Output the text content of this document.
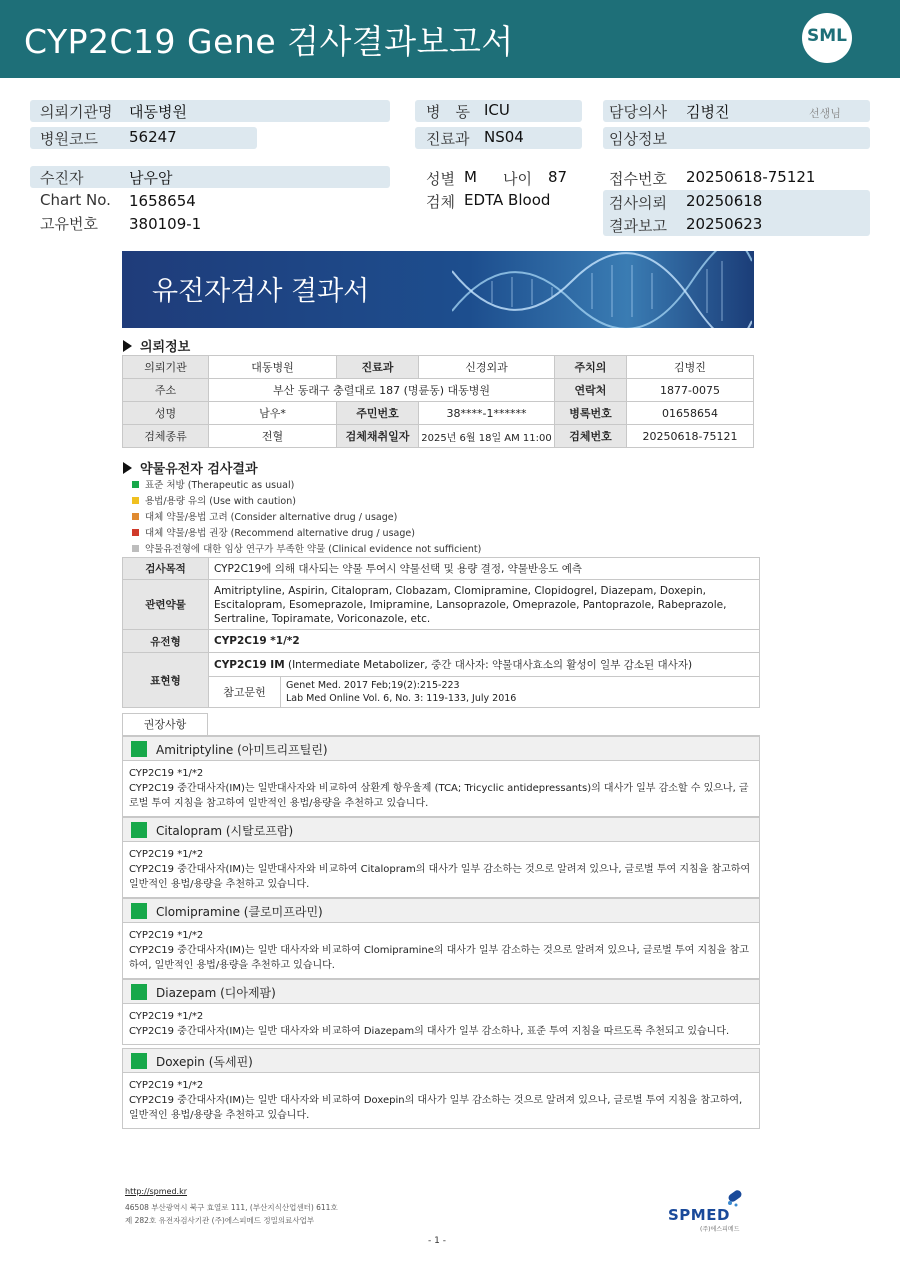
CYP2C19 Gene 검사결과보고서	SML
의뢰기관명 대동병원	병　동 ICU	담당의사 김병진	선생님
병원코드 56247	진료과 NS04	임상정보
수진자	남우암	성별 M 나이 87	접수번호 20250618-75121
Chart No. 1658654	검체 EDTA Blood	검사의뢰 20250618
고유번호 380109-1	결과보고 20250623
유전자검사 결과서
의뢰정보
의뢰기관	대동병원	진료과	신경외과	주치의	김병진
주소	부산 동래구 충렬대로 187 (명륜동) 대동병원			연락처	1877-0075
성명	남우*	주민번호	38****-1******	병록번호	01658654
검체종류	전혈	검체채취일자	2025년 6월 18일 AM 11:00	검체번호	20250618-75121
약물유전자 검사결과
표준 처방 (Therapeutic as usual)
용법/용량 유의 (Use with caution)
대체 약물/용법 고려 (Consider alternative drug / usage)
대체 약물/용법 권장 (Recommend alternative drug / usage)
약물유전형에 대한 임상 연구가 부족한 약물 (Clinical evidence not sufficient)
검사목적	CYP2C19에 의해 대사되는 약물 투여시 약물선택 및 용량 결정, 약물반응도 예측	
관련약물	Amitriptyline, Aspirin, Citalopram, Clobazam, Clomipramine, Clopidogrel, Diazepam, Doxepin, Escitalopram, Esomeprazole, Imipramine, Lansoprazole, Omeprazole, Pantoprazole, Rabeprazole, Sertraline, Topiramate, Voriconazole, etc.	
유전형	CYP2C19 *1/*2	
표현형	CYP2C19 IM (Intermediate Metabolizer, 중간 대사자: 약물대사효소의 활성이 일부 감소된 대사자)	
	참고문헌	Genet Med. 2017 Feb;19(2):215-223
Lab Med Online Vol. 6, No. 3: 119-133, July 2016
권장사항
Amitriptyline (아미트리프틸린)
CYP2C19 *1/*2
CYP2C19 중간대사자(IM)는 일반대사자와 비교하여 삼환계 항우울제 (TCA; Tricyclic antidepressants)의 대사가 일부 감소할 수 있으나, 글로벌 투여 지침을 참고하여 일반적인 용법/용량을 추천하고 있습니다.
Citalopram (시탈로프람)
CYP2C19 *1/*2
CYP2C19 중간대사자(IM)는 일반대사자와 비교하여 Citalopram의 대사가 일부 감소하는 것으로 알려져 있으나, 글로벌 투여 지침을 참고하여 일반적인 용법/용량을 추천하고 있습니다.
Clomipramine (클로미프라민)
CYP2C19 *1/*2
CYP2C19 중간대사자(IM)는 일반 대사자와 비교하여 Clomipramine의 대사가 일부 감소하는 것으로 알려져 있으나, 글로벌 투여 지침을 참고하여, 일반적인 용법/용량을 추천하고 있습니다.
Diazepam (디아제팜)
CYP2C19 *1/*2
CYP2C19 중간대사자(IM)는 일반 대사자와 비교하여 Diazepam의 대사가 일부 감소하나, 표준 투여 지침을 따르도록 추천되고 있습니다.
Doxepin (독세핀)
CYP2C19 *1/*2
CYP2C19 중간대사자(IM)는 일반 대사자와 비교하여 Doxepin의 대사가 일부 감소하는 것으로 알려져 있으나, 글로벌 투여 지침을 참고하여, 일반적인 용법/용량을 추천하고 있습니다.
http://spmed.kr
46508 부산광역시 북구 효열로 111, (부산지식산업센터) 611호
제 282호 유전자검사기관 (주)에스피메드 정밀의료사업부
- 1 -
SPMED
(주)에스피메드
